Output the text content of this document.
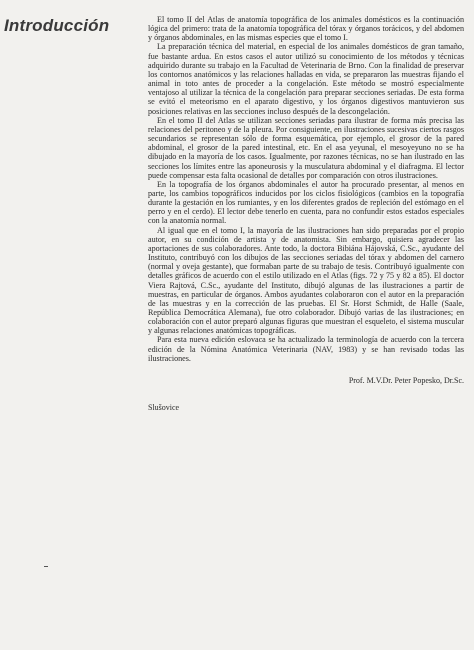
Introducción	El tomo II del Atlas de anatomía topográfica de los animales domésticos es la continuación lógica del primero: trata de la anatomía topográfica del tórax y órganos torácicos, y del abdomen y órganos abdominales, en las mismas especies que el tomo I.

La preparación técnica del material, en especial de los animales domésticos de gran tamaño, fue bastante ardua. En estos casos el autor utilizó su conocimiento de los métodos y técnicas adquirido durante su trabajo en la Facultad de Veterinaria de Brno. Con la finalidad de preservar los contornos anatómicos y las relaciones halladas en vida, se prepararon las muestras fijando el animal in toto antes de proceder a la congelación. Este método se mostró especialmente ventajoso al utilizar la técnica de la congelación para preparar secciones seriadas. De esta forma se evitó el meteorismo en el aparato digestivo, y los órganos digestivos mantuvieron sus posiciones relativas en las secciones incluso después de la descongelación.

En el tomo II del Atlas se utilizan secciones seriadas para ilustrar de forma más precisa las relaciones del peritoneo y de la pleura. Por consiguiente, en ilustraciones sucesivas ciertos rasgos secundarios se representan sólo de forma esquemática, por ejemplo, el grosor de la pared abdominal, el grosor de la pared intestinal, etc. En el asa yeyunal, el mesoyeyuno no se ha dibujado en la mayoría de los casos. Igualmente, por razones técnicas, no se han ilustrado en las secciones los límites entre las aponeurosis y la musculatura abdominal y el diafragma. El lector puede compensar esta falta ocasional de detalles por comparación con otros ilustraciones.

En la topografía de los órganos abdominales el autor ha procurado presentar, al menos en parte, los cambios topográficos inducidos por los ciclos fisiológicos (cambios en la topografía durante la gestación en los rumiantes, y en los diferentes grados de repleción del estómago en el perro y en el cerdo). El lector debe tenerlo en cuenta, para no confundir estos estados especiales con la anatomía normal.

Al igual que en el tomo I, la mayoría de las ilustraciones han sido preparadas por el propio autor, en su condición de artista y de anatomista. Sin embargo, quisiera agradecer las aportaciones de sus colaboradores. Ante todo, la doctora Bibiána Hájovská, C.Sc., ayudante del Instituto, contribuyó con los dibujos de las secciones seriadas del tórax y abdomen del carnero (normal y oveja gestante), que formaban parte de su trabajo de tesis. Contribuyó igualmente con detalles gráficos de acuerdo con el estilo utilizado en el Atlas (figs. 72 y 75 y 82 a 85). El doctor Viera Rajtová, C.Sc., ayudante del Instituto, dibujó algunas de las ilustraciones a partir de muestras, en particular de órganos. Ambos ayudantes colaboraron con el autor en la preparación de las muestras y en la corrección de las pruebas. El Sr. Horst Schmidt, de Halle (Saale, República Democrática Alemana), fue otro colaborador. Dibujó varias de las ilustraciones; en colaboración con el autor preparó algunas figuras que muestran el esqueleto, el sistema muscular y algunas relaciones anatómicas topográficas.

Para esta nueva edición eslovaca se ha actualizado la terminología de acuerdo con la tercera edición de la Nómina Anatómica Veterinaria (NAV, 1983) y se han revisado todas las ilustraciones.

Prof. M.V.Dr. Peter Popesko, Dr.Sc.
Slušovice
